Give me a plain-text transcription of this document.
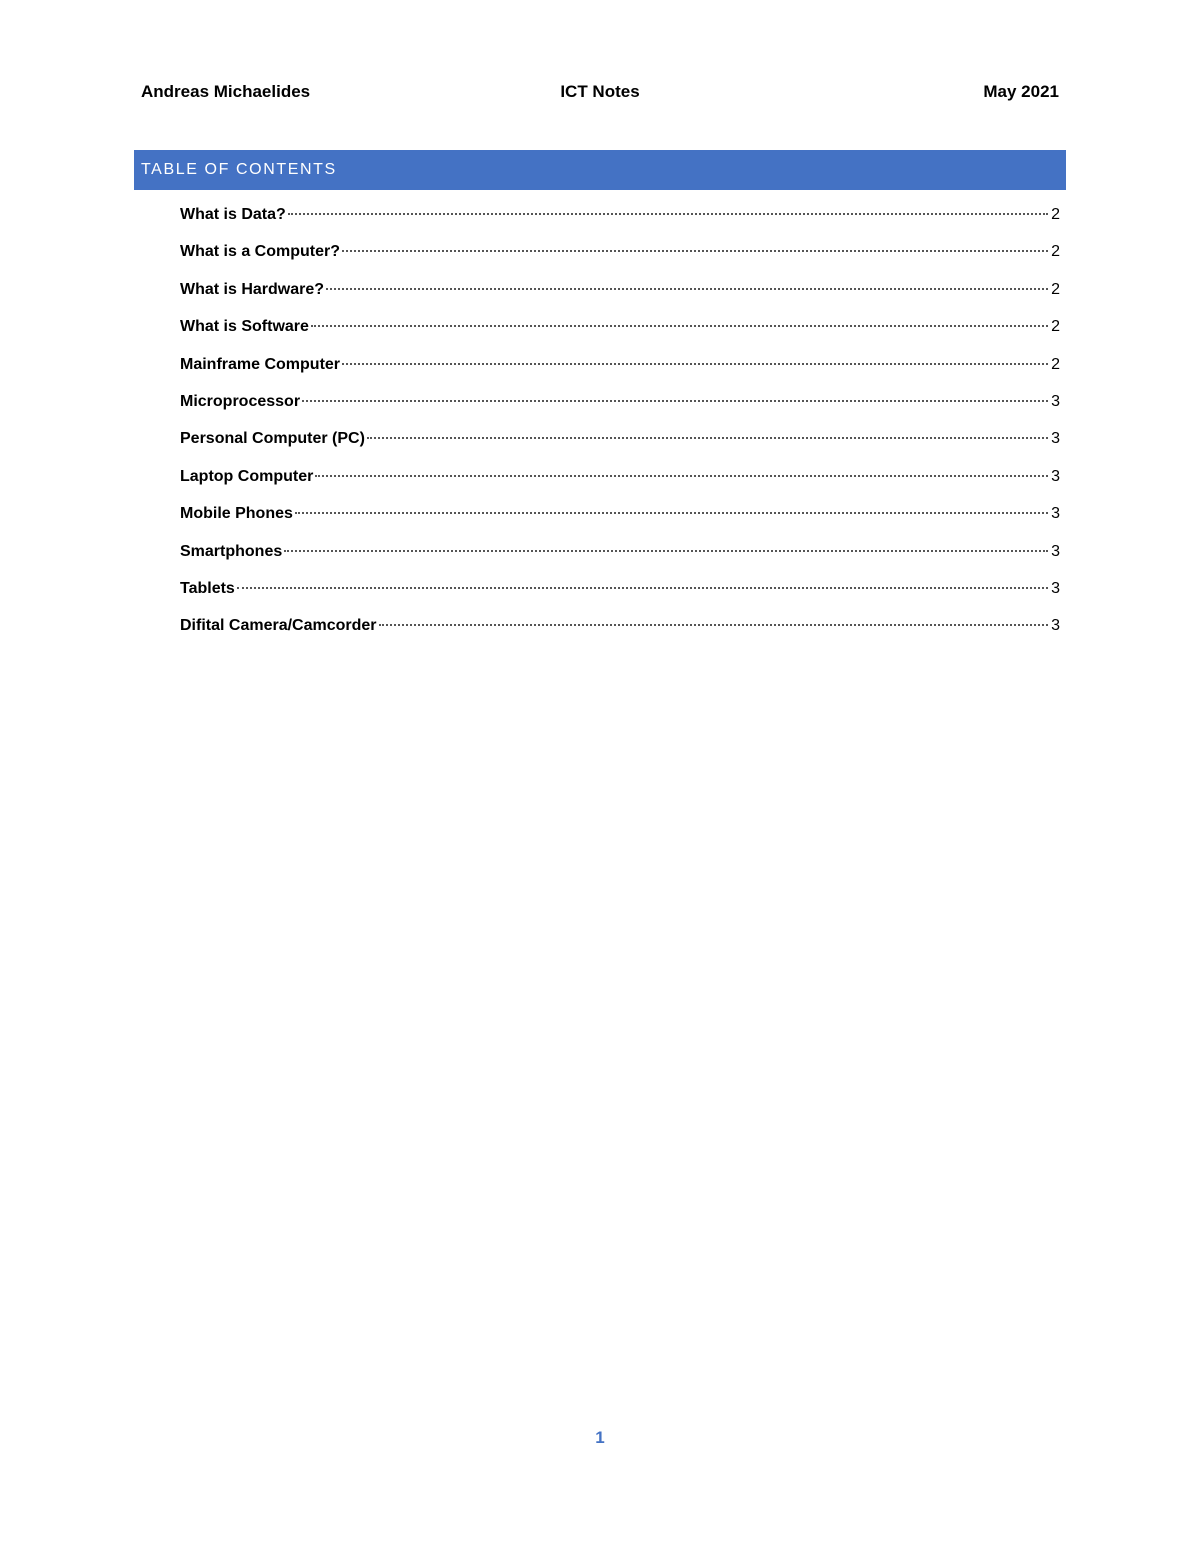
Andreas Michaelides	ICT Notes	May 2021
TABLE OF CONTENTS
What is Data?	2
What is a Computer?	2
What is Hardware?	2
What is Software	2
Mainframe Computer	2
Microprocessor	3
Personal Computer (PC)	3
Laptop Computer	3
Mobile Phones	3
Smartphones	3
Tablets	3
Difital Camera/Camcorder	3
1
